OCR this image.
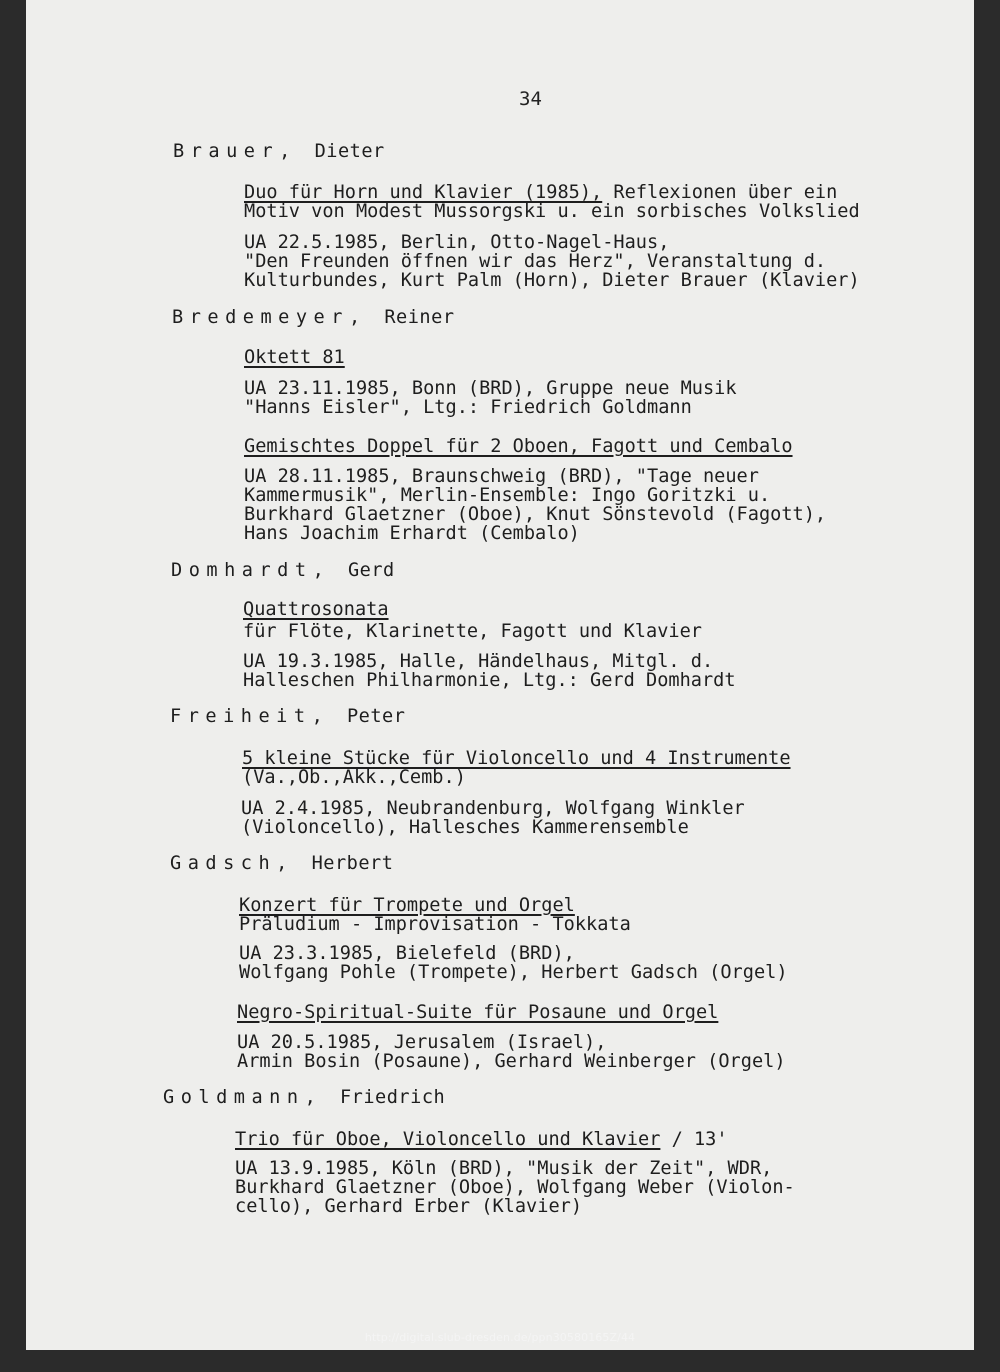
34
Brauer, Dieter
Duo für Horn und Klavier (1985), Reflexionen über ein
Motiv von Modest Mussorgski u. ein sorbisches Volkslied
UA 22.5.1985, Berlin, Otto-Nagel-Haus,
"Den Freunden öffnen wir das Herz", Veranstaltung d.
Kulturbundes, Kurt Palm (Horn), Dieter Brauer (Klavier)
Bredemeyer, Reiner
Oktett 81
UA 23.11.1985, Bonn (BRD), Gruppe neue Musik
"Hanns Eisler", Ltg.: Friedrich Goldmann
Gemischtes Doppel für 2 Oboen, Fagott und Cembalo
UA 28.11.1985, Braunschweig (BRD), "Tage neuer
Kammermusik", Merlin-Ensemble: Ingo Goritzki u.
Burkhard Glaetzner (Oboe), Knut Sönstevold (Fagott),
Hans Joachim Erhardt (Cembalo)
Domhardt, Gerd
Quattrosonata
für Flöte, Klarinette, Fagott und Klavier
UA 19.3.1985, Halle, Händelhaus, Mitgl. d.
Halleschen Philharmonie, Ltg.: Gerd Domhardt
Freiheit, Peter
5 kleine Stücke für Violoncello und 4 Instrumente
(Va.,Ob.,Akk.,Cemb.)
UA 2.4.1985, Neubrandenburg, Wolfgang Winkler
(Violoncello), Hallesches Kammerensemble
Gadsch, Herbert
Konzert für Trompete und Orgel
Präludium - Improvisation - Tokkata
UA 23.3.1985, Bielefeld (BRD),
Wolfgang Pohle (Trompete), Herbert Gadsch (Orgel)
Negro-Spiritual-Suite für Posaune und Orgel
UA 20.5.1985, Jerusalem (Israel),
Armin Bosin (Posaune), Gerhard Weinberger (Orgel)
Goldmann, Friedrich
Trio für Oboe, Violoncello und Klavier / 13'
UA 13.9.1985, Köln (BRD), "Musik der Zeit", WDR,
Burkhard Glaetzner (Oboe), Wolfgang Weber (Violon-
cello), Gerhard Erber (Klavier)
http://digital.slub-dresden.de/ppn30580165Z/44
